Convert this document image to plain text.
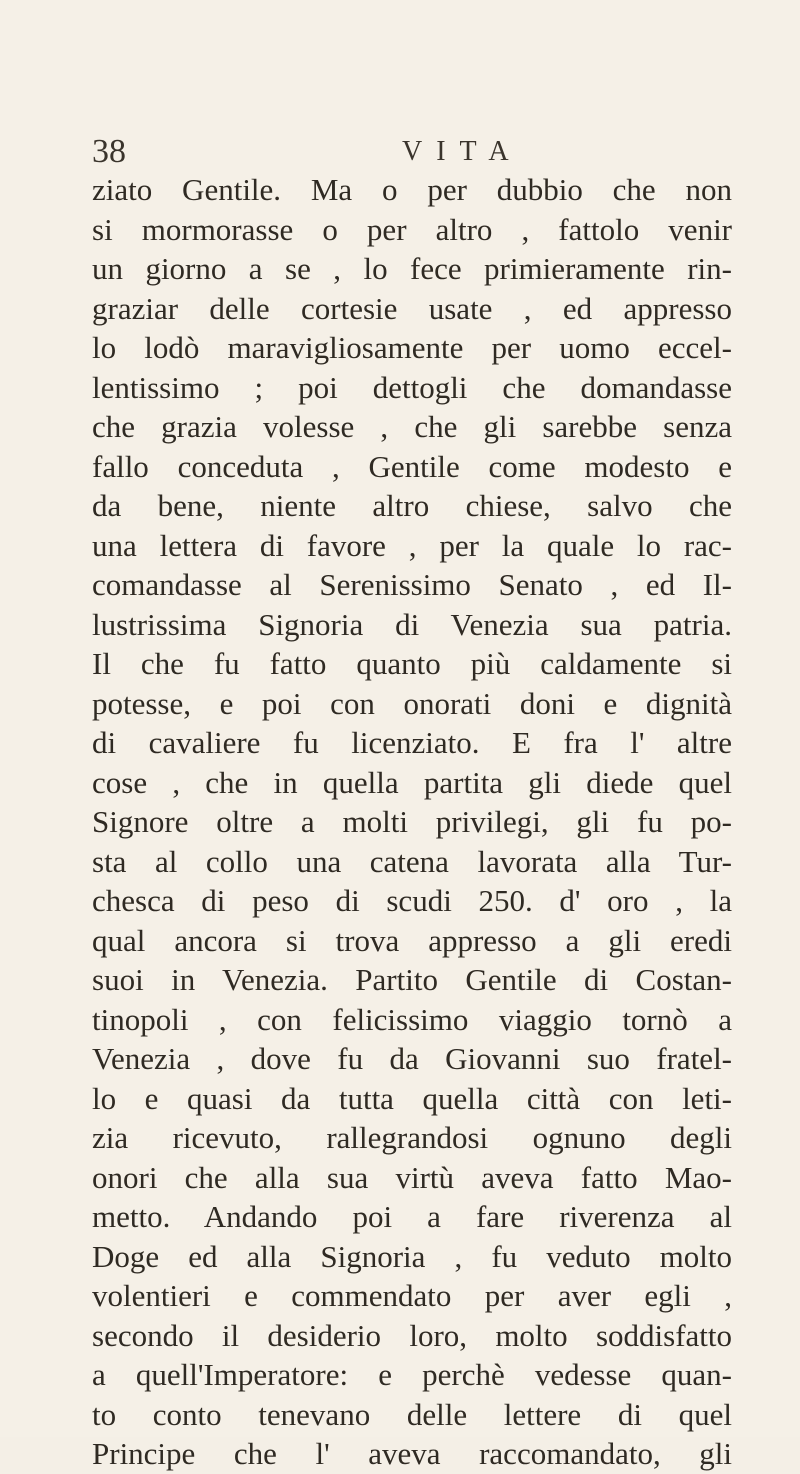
38	VITA
ziato Gentile. Ma o per dubbio che non
si mormorasse o per altro , fattolo venir
un giorno a se , lo fece primieramente rin-
graziar delle cortesie usate , ed appresso
lo lodò maravigliosamente per uomo eccel-
lentissimo ; poi dettogli che domandasse
che grazia volesse , che gli sarebbe senza
fallo conceduta , Gentile come modesto e
da bene, niente altro chiese, salvo che
una lettera di favore , per la quale lo rac-
comandasse al Serenissimo Senato , ed Il-
lustrissima Signoria di Venezia sua patria.
Il che fu fatto quanto più caldamente si
potesse, e poi con onorati doni e dignità
di cavaliere fu licenziato. E fra l' altre
cose , che in quella partita gli diede quel
Signore oltre a molti privilegi, gli fu po-
sta al collo una catena lavorata alla Tur-
chesca di peso di scudi 250. d' oro , la
qual ancora si trova appresso a gli eredi
suoi in Venezia. Partito Gentile di Costan-
tinopoli , con felicissimo viaggio tornò a
Venezia , dove fu da Giovanni suo fratel-
lo e quasi da tutta quella città con leti-
zia ricevuto, rallegrandosi ognuno degli
onori che alla sua virtù aveva fatto Mao-
metto. Andando poi a fare riverenza al
Doge ed alla Signoria , fu veduto molto
volentieri e commendato per aver egli ,
secondo il desiderio loro, molto soddisfatto
a quell'Imperatore: e perchè vedesse quan-
to conto tenevano delle lettere di quel
Principe che l' aveva raccomandato, gli
